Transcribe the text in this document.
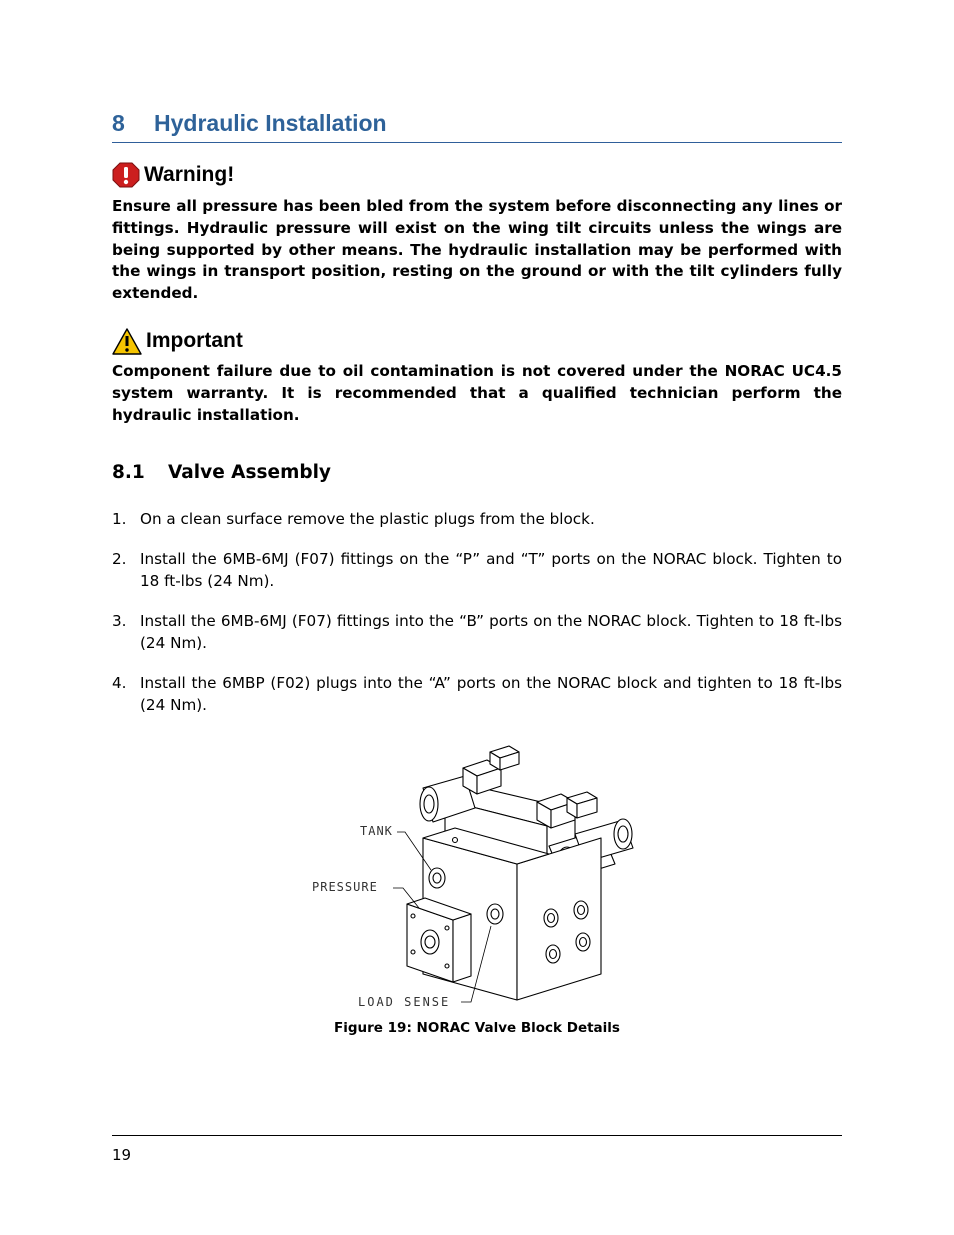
8 Hydraulic Installation
Warning!
Ensure all pressure has been bled from the system before disconnecting any lines or fittings. Hydraulic pressure will exist on the wing tilt circuits unless the wings are being supported by other means. The hydraulic installation may be performed with the wings in transport position, resting on the ground or with the tilt cylinders fully extended.
Important
Component failure due to oil contamination is not covered under the NORAC UC4.5 system warranty. It is recommended that a qualified technician perform the hydraulic installation.
8.1 Valve Assembly
1. On a clean surface remove the plastic plugs from the block.
2. Install the 6MB-6MJ (F07) fittings on the “P” and “T” ports on the NORAC block. Tighten to 18 ft-lbs (24 Nm).
3. Install the 6MB-6MJ (F07) fittings into the “B” ports on the NORAC block. Tighten to 18 ft-lbs (24 Nm).
4. Install the 6MBP (F02) plugs into the “A” ports on the NORAC block and tighten to 18 ft-lbs (24 Nm).
TANK
PRESSURE
LOAD SENSE
Figure 19: NORAC Valve Block Details
19
